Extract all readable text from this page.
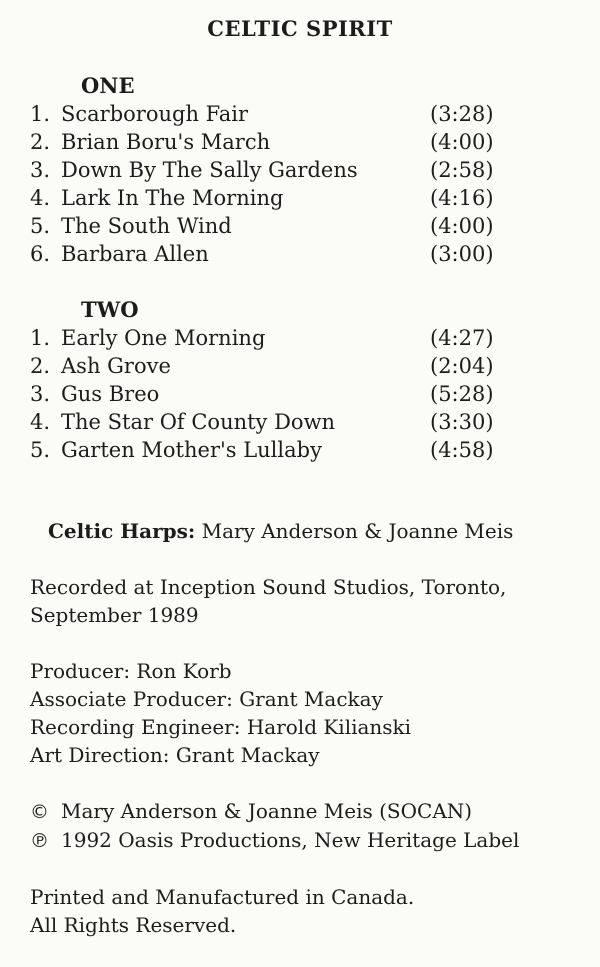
CELTIC SPIRIT
ONE
1. Scarborough Fair	(3:28)
2. Brian Boru's March	(4:00)
3. Down By The Sally Gardens	(2:58)
4. Lark In The Morning	(4:16)
5. The South Wind	(4:00)
6. Barbara Allen	(3:00)
TWO
1. Early One Morning	(4:27)
2. Ash Grove	(2:04)
3. Gus Breo	(5:28)
4. The Star Of County Down	(3:30)
5. Garten Mother's Lullaby	(4:58)
Celtic Harps: Mary Anderson & Joanne Meis
Recorded at Inception Sound Studios, Toronto,
September 1989
Producer: Ron Korb
Associate Producer: Grant Mackay
Recording Engineer: Harold Kilianski
Art Direction: Grant Mackay
© Mary Anderson & Joanne Meis (SOCAN)
℗ 1992 Oasis Productions, New Heritage Label
Printed and Manufactured in Canada.
All Rights Reserved.
